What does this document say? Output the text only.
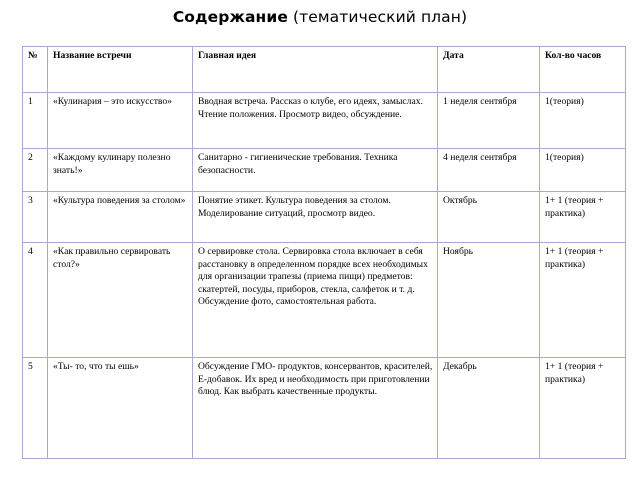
Содержание (тематический план)
№	Название встречи	Главная идея	Дата	Кол-во часов
1	«Кулинария – это искусство»	Вводная встреча. Рассказ о клубе, его идеях, замыслах. Чтение положения. Просмотр видео, обсуждение.	1 неделя сентября	1(теория)
2	«Каждому кулинару полезно знать!»	Санитарно - гигиенические требования. Техника безопасности.	4 неделя сентября	1(теория)
3	«Культура поведения за столом»	Понятие этикет. Культура поведения за столом. Моделирование ситуаций, просмотр видео.	Октябрь	1+ 1 (теория + практика)
4	«Как правильно сервировать стол?»	О сервировке стола. Сервировка стола включает в себя расстановку в определенном порядке всех необходимых для организации трапезы (приема пищи) предметов: скатертей, посуды, приборов, стекла, салфеток и т. д. Обсуждение фото, самостоятельная работа.	Ноябрь	1+ 1 (теория + практика)
5	«Ты- то, что ты ешь»	Обсуждение ГМО- продуктов, консервантов, красителей, Е-добавок. Их вред и необходимость при приготовлении блюд. Как выбрать качественные продукты.	Декабрь	1+ 1 (теория + практика)
